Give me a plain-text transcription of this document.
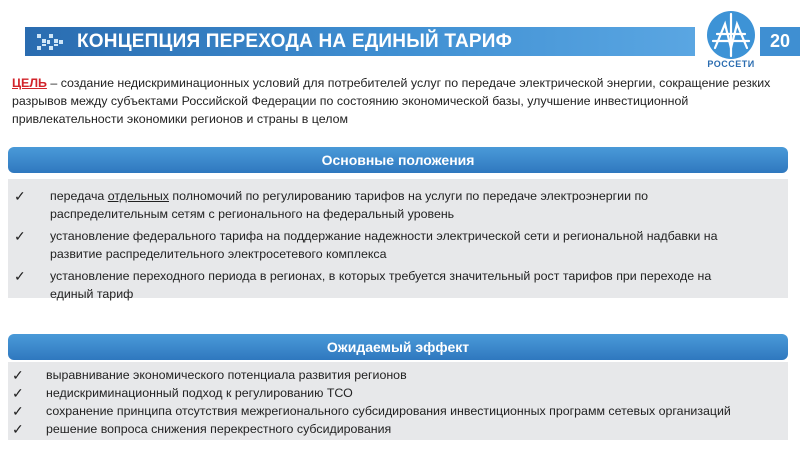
КОНЦЕПЦИЯ ПЕРЕХОДА НА ЕДИНЫЙ ТАРИФ
РОССЕТИ
20
ЦЕЛЬ – создание недискриминационных условий для потребителей услуг по передаче электрической энергии, сокращение резких разрывов между субъектами Российской Федерации по состоянию экономической базы, улучшение инвестиционной привлекательности экономики регионов и страны в целом
Основные положения
✓ передача отдельных полномочий по регулированию тарифов на услуги по передаче электроэнергии по распределительным сетям с регионального на федеральный уровень
✓ установление федерального тарифа на поддержание надежности электрической сети и региональной надбавки на развитие распределительного электросетевого комплекса
✓ установление переходного периода в регионах, в которых требуется значительный рост тарифов при переходе на единый тариф
Ожидаемый эффект
✓ выравнивание экономического потенциала развития регионов
✓ недискриминационный подход к регулированию ТСО
✓ сохранение принципа отсутствия межрегионального субсидирования инвестиционных программ сетевых организаций
✓ решение вопроса снижения перекрестного субсидирования
